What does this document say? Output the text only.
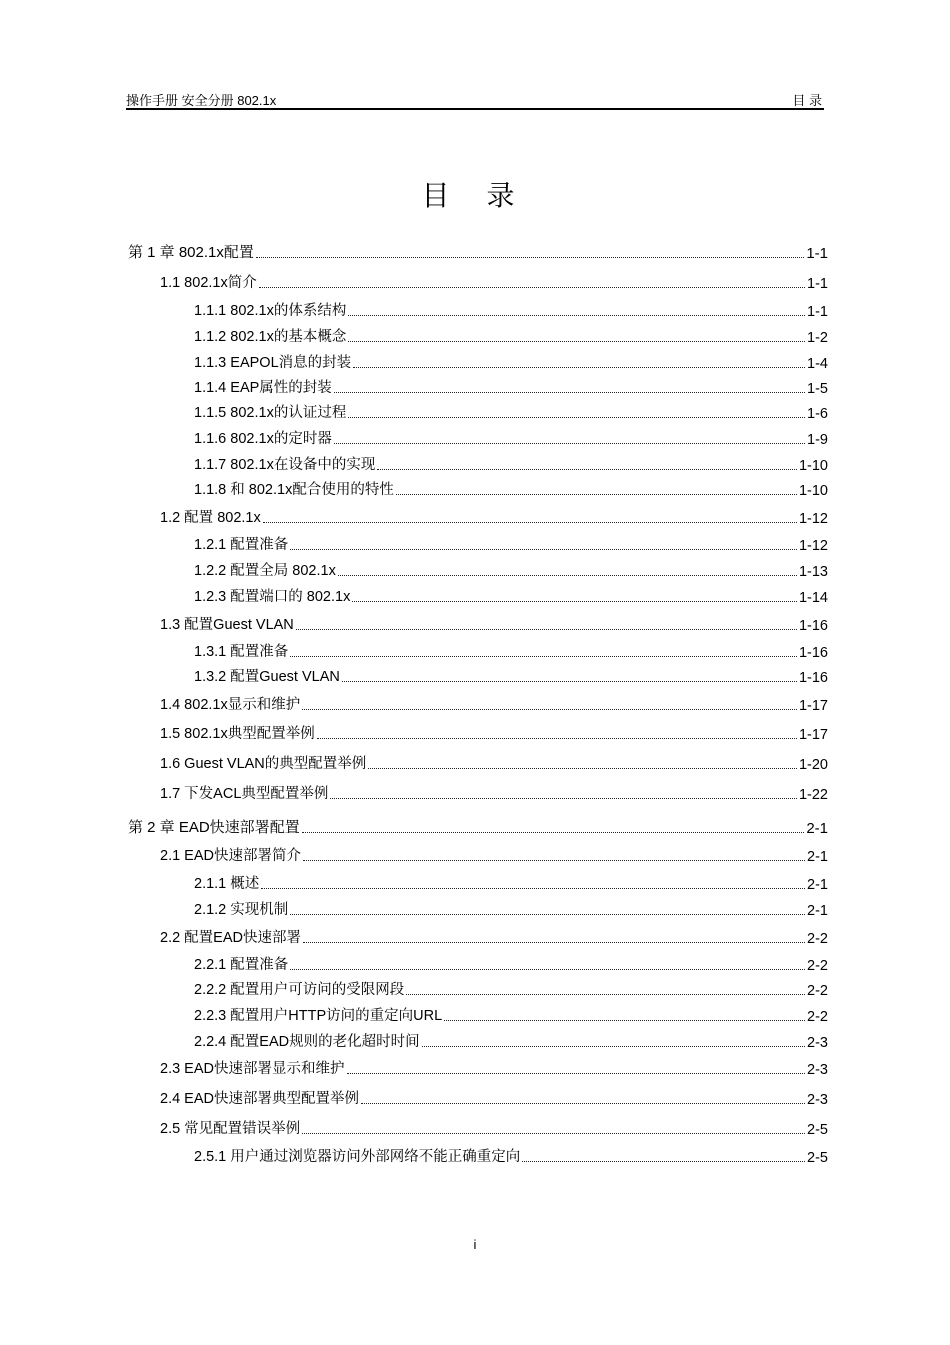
操作手册 安全分册 802.1x	目 录
目 录
第 1 章 802.1x配置	1-1
1.1 802.1x简介	1-1
1.1.1 802.1x的体系结构	1-1
1.1.2 802.1x的基本概念	1-2
1.1.3 EAPOL消息的封装	1-4
1.1.4 EAP属性的封装	1-5
1.1.5 802.1x的认证过程	1-6
1.1.6 802.1x的定时器	1-9
1.1.7 802.1x在设备中的实现	1-10
1.1.8 和 802.1x配合使用的特性	1-10
1.2 配置 802.1x	1-12
1.2.1 配置准备	1-12
1.2.2 配置全局 802.1x	1-13
1.2.3 配置端口的 802.1x	1-14
1.3 配置Guest VLAN	1-16
1.3.1 配置准备	1-16
1.3.2 配置Guest VLAN	1-16
1.4 802.1x显示和维护	1-17
1.5 802.1x典型配置举例	1-17
1.6 Guest VLAN的典型配置举例	1-20
1.7 下发ACL典型配置举例	1-22
第 2 章 EAD快速部署配置	2-1
2.1 EAD快速部署简介	2-1
2.1.1 概述	2-1
2.1.2 实现机制	2-1
2.2 配置EAD快速部署	2-2
2.2.1 配置准备	2-2
2.2.2 配置用户可访问的受限网段	2-2
2.2.3 配置用户HTTP访问的重定向URL	2-2
2.2.4 配置EAD规则的老化超时时间	2-3
2.3 EAD快速部署显示和维护	2-3
2.4 EAD快速部署典型配置举例	2-3
2.5 常见配置错误举例	2-5
2.5.1 用户通过浏览器访问外部网络不能正确重定向	2-5
i
